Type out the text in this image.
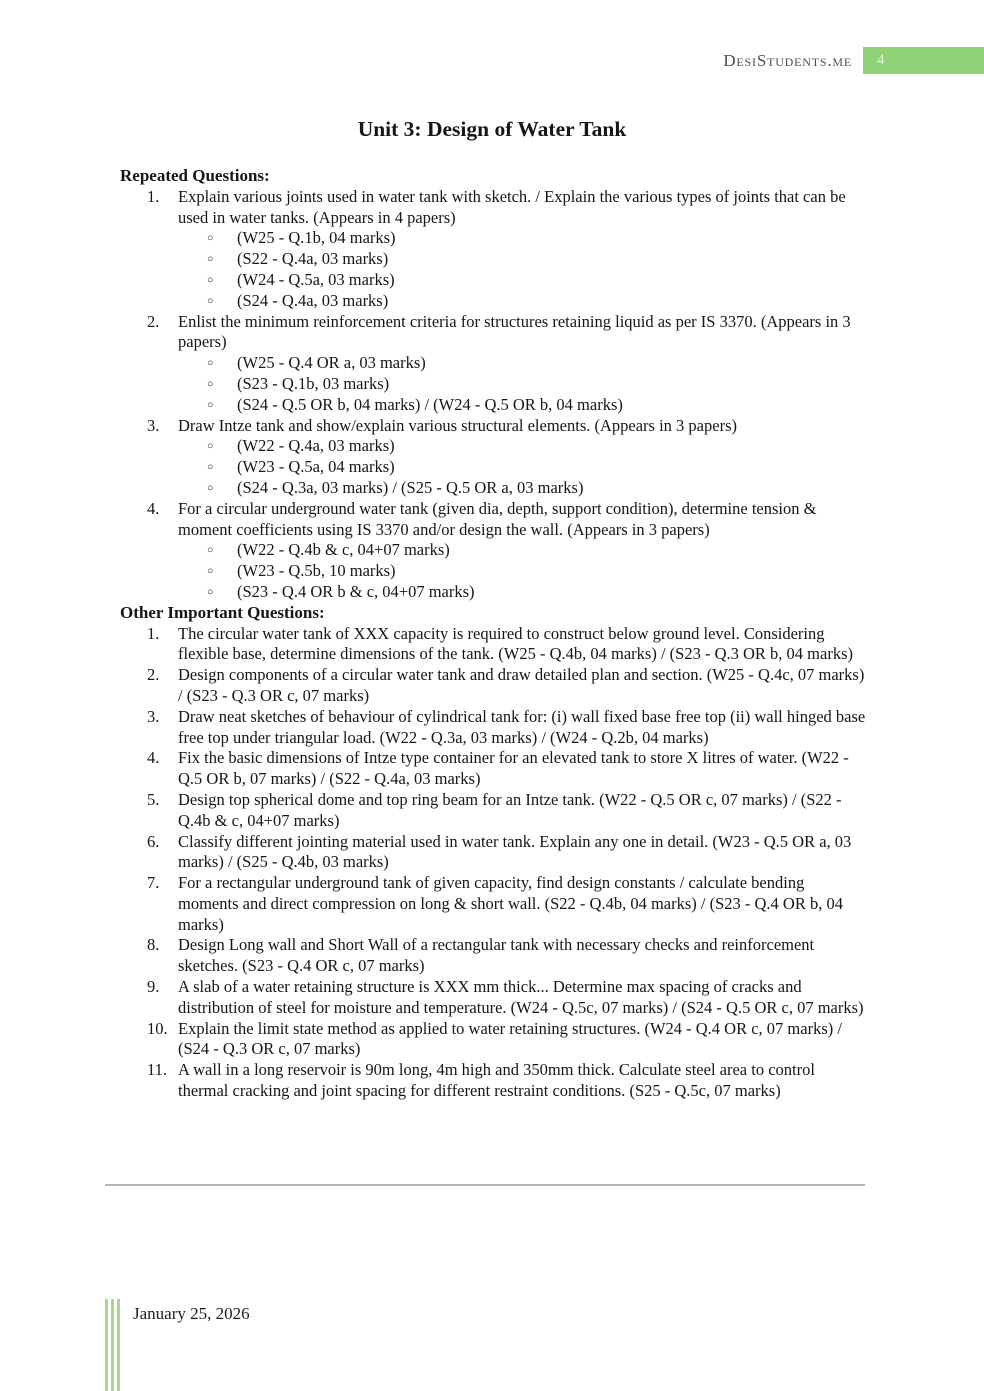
DesiStudents.me 4
Unit 3: Design of Water Tank
Repeated Questions:
1.	Explain various joints used in water tank with sketch. / Explain the various types of joints that can be used in water tanks. (Appears in 4 papers)
○	(W25 - Q.1b, 04 marks)
○	(S22 - Q.4a, 03 marks)
○	(W24 - Q.5a, 03 marks)
○	(S24 - Q.4a, 03 marks)
2.	Enlist the minimum reinforcement criteria for structures retaining liquid as per IS 3370. (Appears in 3 papers)
○	(W25 - Q.4 OR a, 03 marks)
○	(S23 - Q.1b, 03 marks)
○	(S24 - Q.5 OR b, 04 marks) / (W24 - Q.5 OR b, 04 marks)
3.	Draw Intze tank and show/explain various structural elements. (Appears in 3 papers)
○	(W22 - Q.4a, 03 marks)
○	(W23 - Q.5a, 04 marks)
○	(S24 - Q.3a, 03 marks) / (S25 - Q.5 OR a, 03 marks)
4.	For a circular underground water tank (given dia, depth, support condition), determine tension & moment coefficients using IS 3370 and/or design the wall. (Appears in 3 papers)
○	(W22 - Q.4b & c, 04+07 marks)
○	(W23 - Q.5b, 10 marks)
○	(S23 - Q.4 OR b & c, 04+07 marks)
Other Important Questions:
1.	The circular water tank of XXX capacity is required to construct below ground level. Considering flexible base, determine dimensions of the tank. (W25 - Q.4b, 04 marks) / (S23 - Q.3 OR b, 04 marks)
2.	Design components of a circular water tank and draw detailed plan and section. (W25 - Q.4c, 07 marks) / (S23 - Q.3 OR c, 07 marks)
3.	Draw neat sketches of behaviour of cylindrical tank for: (i) wall fixed base free top (ii) wall hinged base free top under triangular load. (W22 - Q.3a, 03 marks) / (W24 - Q.2b, 04 marks)
4.	Fix the basic dimensions of Intze type container for an elevated tank to store X litres of water. (W22 - Q.5 OR b, 07 marks) / (S22 - Q.4a, 03 marks)
5.	Design top spherical dome and top ring beam for an Intze tank. (W22 - Q.5 OR c, 07 marks) / (S22 - Q.4b & c, 04+07 marks)
6.	Classify different jointing material used in water tank. Explain any one in detail. (W23 - Q.5 OR a, 03 marks) / (S25 - Q.4b, 03 marks)
7.	For a rectangular underground tank of given capacity, find design constants / calculate bending moments and direct compression on long & short wall. (S22 - Q.4b, 04 marks) / (S23 - Q.4 OR b, 04 marks)
8.	Design Long wall and Short Wall of a rectangular tank with necessary checks and reinforcement sketches. (S23 - Q.4 OR c, 07 marks)
9.	A slab of a water retaining structure is XXX mm thick... Determine max spacing of cracks and distribution of steel for moisture and temperature. (W24 - Q.5c, 07 marks) / (S24 - Q.5 OR c, 07 marks)
10. Explain the limit state method as applied to water retaining structures. (W24 - Q.4 OR c, 07 marks) / (S24 - Q.3 OR c, 07 marks)
11. A wall in a long reservoir is 90m long, 4m high and 350mm thick. Calculate steel area to control thermal cracking and joint spacing for different restraint conditions. (S25 - Q.5c, 07 marks)
January 25, 2026
